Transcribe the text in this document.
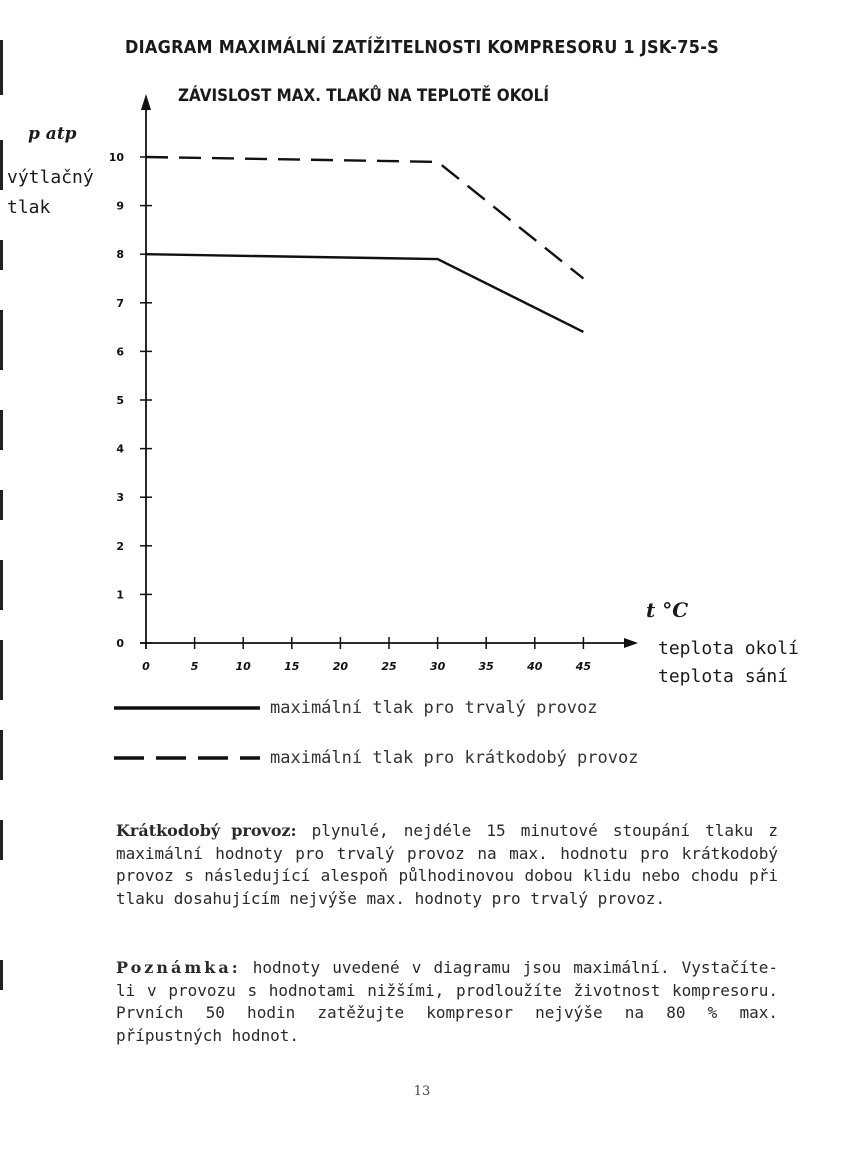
DIAGRAM MAXIMÁLNÍ ZATÍŽITELNOSTI KOMPRESORU 1 JSK-75-S
ZÁVISLOST MAX. TLAKŮ NA TEPLOTĚ OKOLÍ
0
1
2
3
4
5
6
7
8
9
10
0	5	10	15	20	25	30	35	40	45
p atp
výtlačný
tlak
t °C
teplota okolí
teplota sání
maximální tlak pro trvalý provoz
maximální tlak pro krátkodobý provoz
Krátkodobý provoz: plynulé, nejdéle 15 minutové stoupání tlaku z maximální hodnoty pro trvalý provoz na max. hodnotu pro krátkodobý provoz s následující alespoň půlhodinovou dobou klidu nebo chodu při tlaku dosahujícím nejvýše max. hodnoty pro trvalý provoz.
Poznámka: hodnoty uvedené v diagramu jsou maximální. Vystačíte-li v provozu s hodnotami nižšími, prodloužíte životnost kompresoru. Prvních 50 hodin zatěžujte kompresor nejvýše na 80 % max. přípustných hodnot.
13
